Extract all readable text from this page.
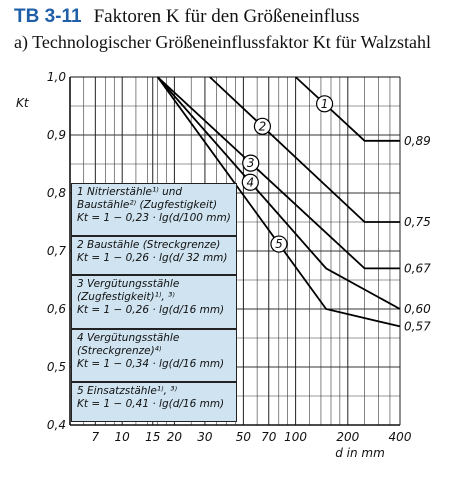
TB 3-11 Faktoren K für den Größeneinfluss
a) Technologischer Größeneinflussfaktor Kt für Walzstahl
0,4
0,5
0,6
0,7
0,8
0,9
1,0
7 10 15 20 30 50 70 100 200 400
Kt
d in mm
0,89
1
0,75
2
0,67
3
0,60
4
0,57
5
1 Nitrierstähle¹⁾ und
Baustähle²⁾ (Zugfestigkeit)
Kt = 1 − 0,23 · lg(d/100 mm)
2 Baustähle (Streckgrenze)
Kt = 1 − 0,26 · lg(d/ 32 mm)
3 Vergütungsstähle
(Zugfestigkeit)¹⁾, ³⁾
Kt = 1 − 0,26 · lg(d/16 mm)
4 Vergütungsstähle
(Streckgrenze)⁴⁾
Kt = 1 − 0,34 · lg(d/16 mm)
5 Einsatzstähle¹⁾, ³⁾
Kt = 1 − 0,41 · lg(d/16 mm)
